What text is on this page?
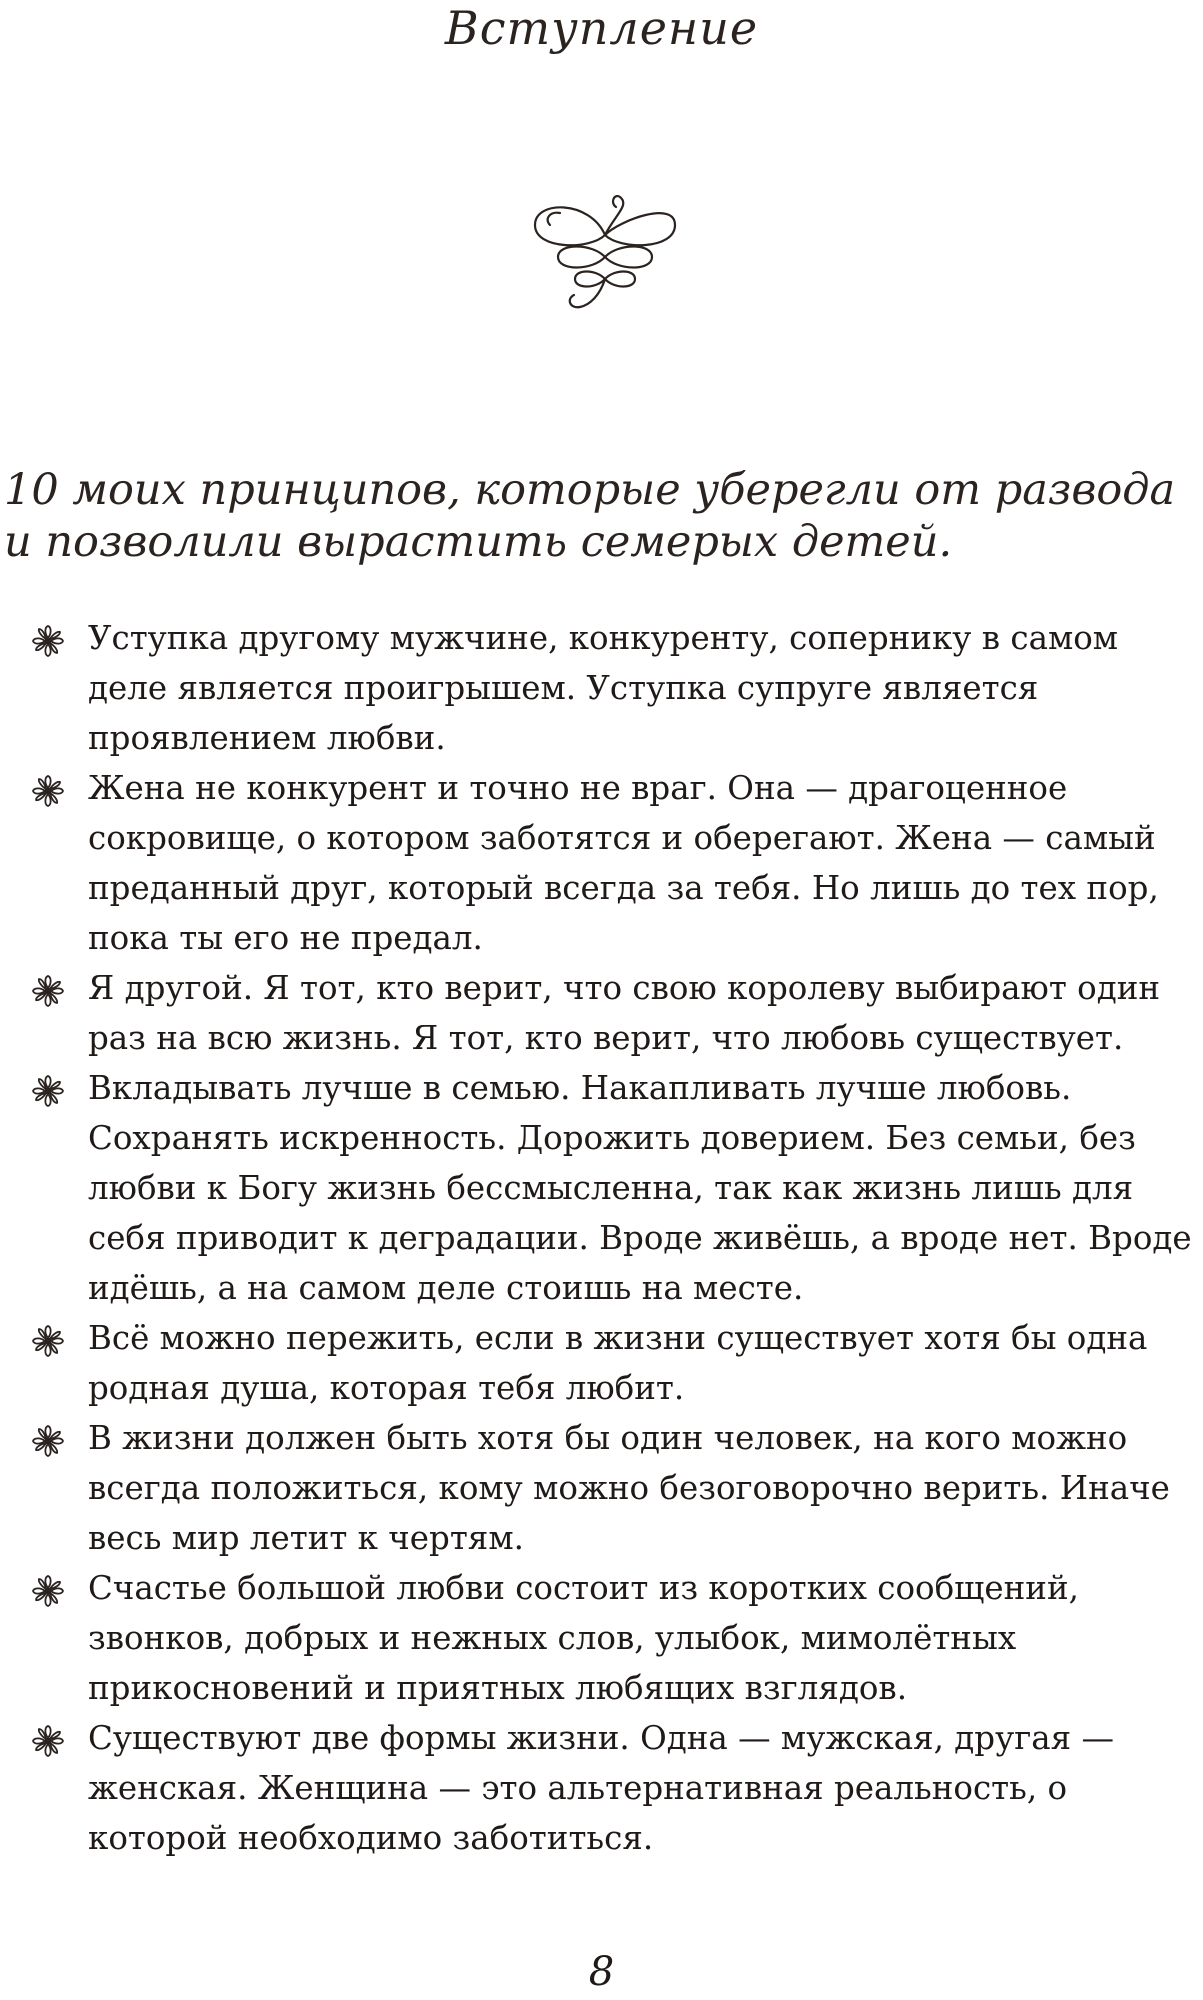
Вступление

10 моих принципов, которые уберегли от развода и позволили вырастить семерых детей.

Уступка другому мужчине, конкуренту, сопернику в самом деле является проигрышем. Уступка супруге является проявлением любви.
Жена не конкурент и точно не враг. Она — драгоценное сокровище, о котором заботятся и оберегают. Жена — самый преданный друг, который всегда за тебя. Но лишь до тех пор, пока ты его не предал.
Я другой. Я тот, кто верит, что свою королеву выбирают один раз на всю жизнь. Я тот, кто верит, что любовь существует.
Вкладывать лучше в семью. Накапливать лучше любовь. Сохранять искренность. Дорожить доверием. Без семьи, без любви к Богу жизнь бессмысленна, так как жизнь лишь для себя приводит к деградации. Вроде живёшь, а вроде нет. Вроде идёшь, а на самом деле стоишь на месте.
Всё можно пережить, если в жизни существует хотя бы одна родная душа, которая тебя любит.
В жизни должен быть хотя бы один человек, на кого можно всегда положиться, кому можно безоговорочно верить. Иначе весь мир летит к чертям.
Счастье большой любви состоит из коротких сообщений, звонков, добрых и нежных слов, улыбок, мимолётных прикосновений и приятных любящих взглядов.
Существуют две формы жизни. Одна — мужская, другая — женская. Женщина — это альтернативная реальность, о которой необходимо заботиться.
8
